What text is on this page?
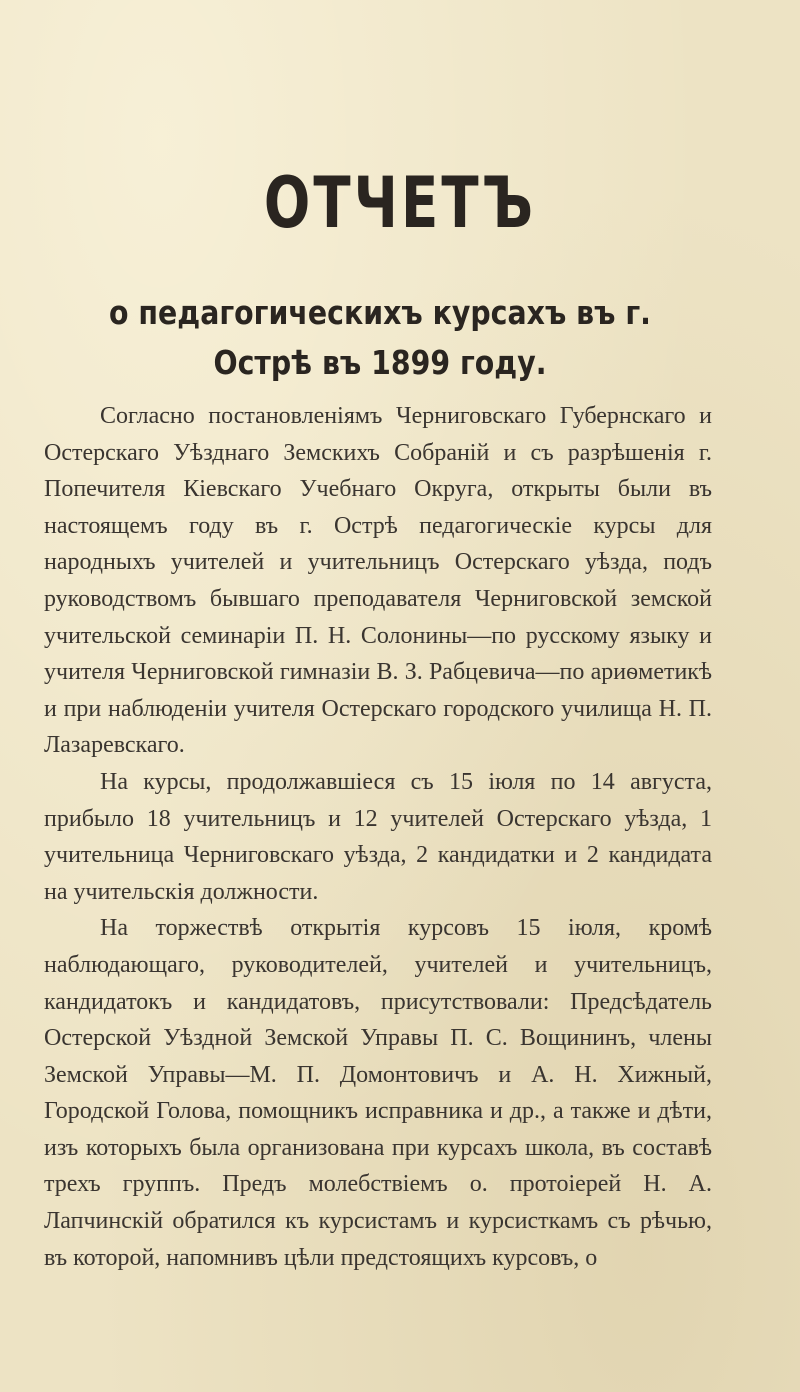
ОТЧЕТЪ
о педагогическихъ курсахъ въ г. Острѣ въ 1899 году.

Согласно постановленіямъ Черниговскаго Губернскаго и Остерскаго Уѣзднаго Земскихъ Собраній и съ разрѣшенія г. Попечителя Кіевскаго Учебнаго Округа, открыты были въ настоящемъ году въ г. Острѣ педагогическіе курсы для народныхъ учителей и учительницъ Остерскаго уѣзда, подъ руководствомъ бывшаго преподавателя Черниговской земской учительской семинаріи П. Н. Солонины—по русскому языку и учителя Черниговской гимназіи В. З. Рабцевича—по ариѳметикѣ и при наблюденіи учителя Остерскаго городского училища Н. П. Лазаревскаго.

На курсы, продолжавшіеся съ 15 іюля по 14 августа, прибыло 18 учительницъ и 12 учителей Остерскаго уѣзда, 1 учительница Черниговскаго уѣзда, 2 кандидатки и 2 кандидата на учительскія должности.

На торжествѣ открытія курсовъ 15 іюля, кромѣ наблюдающаго, руководителей, учителей и учительницъ, кандидатокъ и кандидатовъ, присутствовали: Предсѣдатель Остерской Уѣздной Земской Управы П. С. Вощининъ, члены Земской Управы—М. П. Домонтовичъ и А. Н. Хижный, Городской Голова, помощникъ исправника и др., а также и дѣти, изъ которыхъ была организована при курсахъ школа, въ составѣ трехъ группъ. Предъ молебствіемъ о. протоіерей Н. А. Лапчинскій обратился къ курсистамъ и курсисткамъ съ рѣчью, въ которой, напомнивъ цѣли предстоящихъ курсовъ, о
